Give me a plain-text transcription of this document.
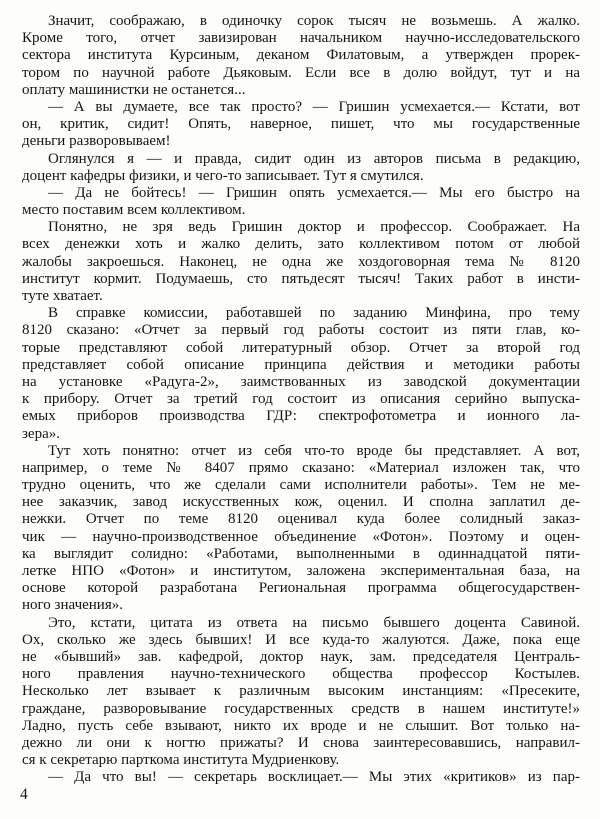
Значит, соображаю, в одиночку сорок тысяч не возьмешь. А жалко.
Кроме того, отчет завизирован начальником научно-исследовательского
сектора института Курсиным, деканом Филатовым, а утвержден прорек-
тором по научной работе Дьяковым. Если все в долю войдут, тут и на
оплату машинистки не останется...
— А вы думаете, все так просто? — Гришин усмехается.— Кстати, вот
он, критик, сидит! Опять, наверное, пишет, что мы государственные
деньги разворовываем!
Оглянулся я — и правда, сидит один из авторов письма в редакцию,
доцент кафедры физики, и чего-то записывает. Тут я смутился.
— Да не бойтесь! — Гришин опять усмехается.— Мы его быстро на
место поставим всем коллективом.
Понятно, не зря ведь Гришин доктор и профессор. Соображает. На
всех денежки хоть и жалко делить, зато коллективом потом от любой
жалобы закроешься. Наконец, не одна же хоздоговорная тема № 8120
институт кормит. Подумаешь, сто пятьдесят тысяч! Таких работ в инсти-
туте хватает.
В справке комиссии, работавшей по заданию Минфина, про тему
8120 сказано: «Отчет за первый год работы состоит из пяти глав, ко-
торые представляют собой литературный обзор. Отчет за второй год
представляет собой описание принципа действия и методики работы
на установке «Радуга-2», заимствованных из заводской документации
к прибору. Отчет за третий год состоит из описания серийно выпуска-
емых приборов производства ГДР: спектрофотометра и ионного ла-
зера».
Тут хоть понятно: отчет из себя что-то вроде бы представляет. А вот,
например, о теме № 8407 прямо сказано: «Материал изложен так, что
трудно оценить, что же сделали сами исполнители работы». Тем не ме-
нее заказчик, завод искусственных кож, оценил. И сполна заплатил де-
нежки. Отчет по теме 8120 оценивал куда более солидный заказ-
чик — научно-производственное объединение «Фотон». Поэтому и оцен-
ка выглядит солидно: «Работами, выполненными в одиннадцатой пяти-
летке НПО «Фотон» и институтом, заложена экспериментальная база, на
основе которой разработана Региональная программа общегосударствен-
ного значения».
Это, кстати, цитата из ответа на письмо бывшего доцента Савиной.
Ох, сколько же здесь бывших! И все куда-то жалуются. Даже, пока еще
не «бывший» зав. кафедрой, доктор наук, зам. председателя Централь-
ного правления научно-технического общества профессор Костылев.
Несколько лет взывает к различным высоким инстанциям: «Пресеките,
граждане, разворовывание государственных средств в нашем институте!»
Ладно, пусть себе взывают, никто их вроде и не слышит. Вот только на-
дежно ли они к ногтю прижаты? И снова заинтересовавшись, направил-
ся к секретарю парткома института Мудриенкову.
— Да что вы! — секретарь восклицает.— Мы этих «критиков» из пар-
4
